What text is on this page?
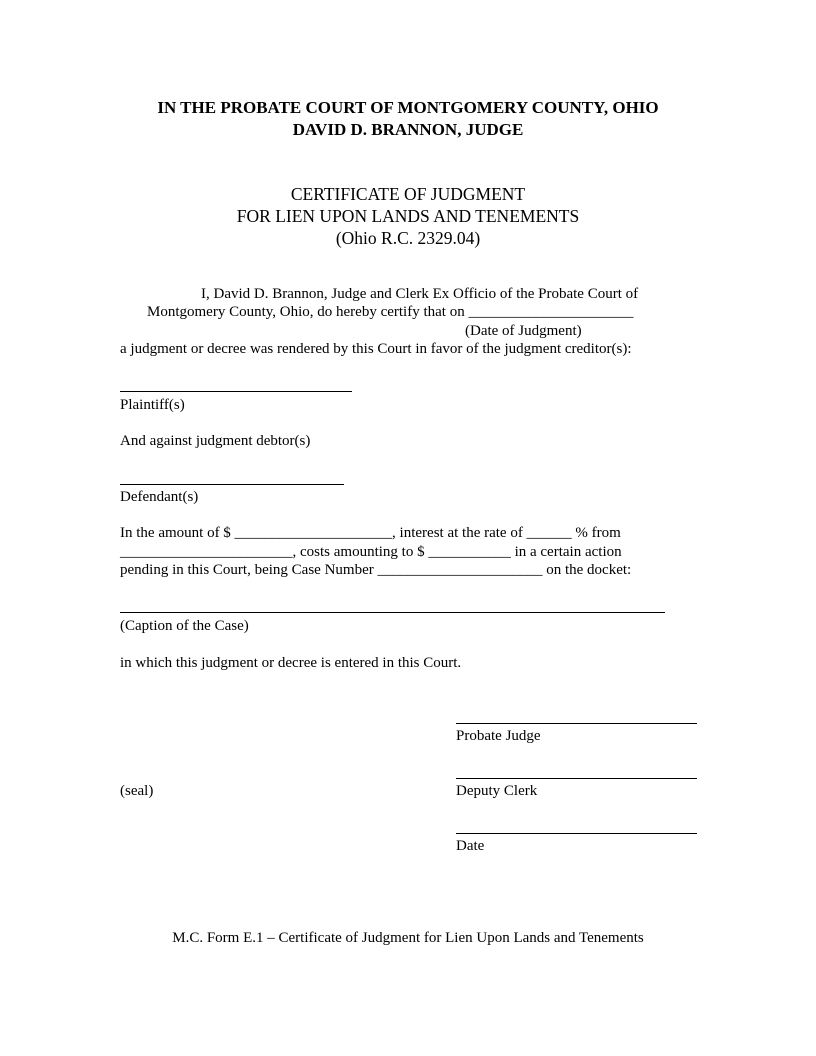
IN THE PROBATE COURT OF MONTGOMERY COUNTY, OHIO
DAVID D. BRANNON, JUDGE
CERTIFICATE OF JUDGMENT
FOR LIEN UPON LANDS AND TENEMENTS
(Ohio R.C. 2329.04)
I, David D. Brannon, Judge and Clerk Ex Officio of the Probate Court of
Montgomery County, Ohio, do hereby certify that on ______________________
(Date of Judgment)
a judgment or decree was rendered by this Court in favor of the judgment creditor(s):
Plaintiff(s)
And against judgment debtor(s)
Defendant(s)
In the amount of $ _____________________, interest at the rate of ______ % from
_______________________, costs amounting to $ ___________ in a certain action
pending in this Court, being Case Number ______________________ on the docket:
(Caption of the Case)
in which this judgment or decree is entered in this Court.
Probate Judge
(seal)	Deputy Clerk
Date
M.C. Form E.1 – Certificate of Judgment for Lien Upon Lands and Tenements
